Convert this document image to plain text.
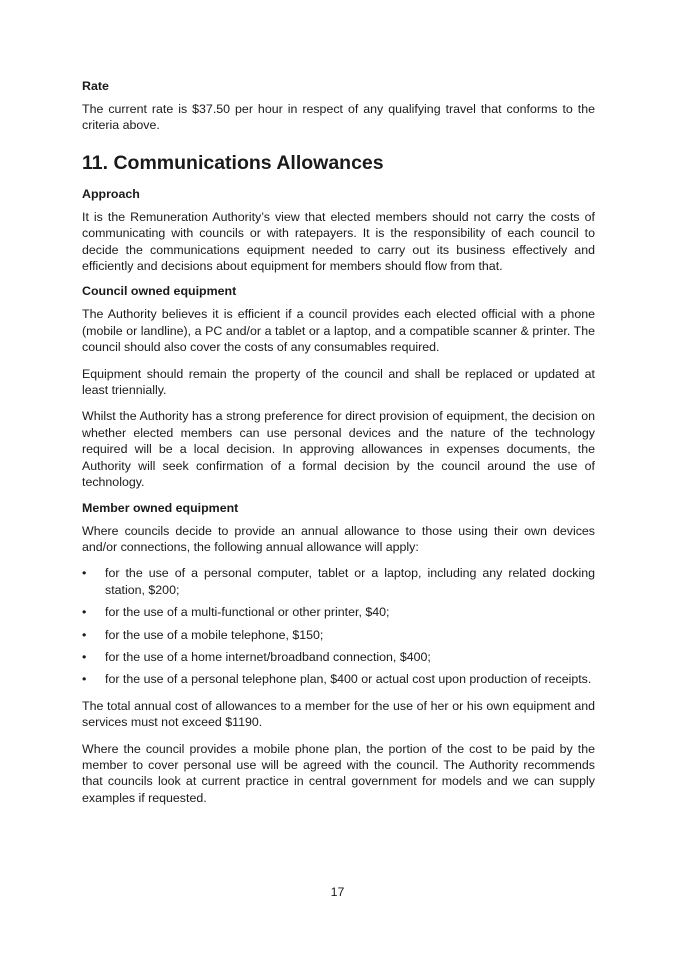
Rate

The current rate is $37.50 per hour in respect of any qualifying travel that conforms to the criteria above.

11. Communications Allowances

Approach

It is the Remuneration Authority’s view that elected members should not carry the costs of communicating with councils or with ratepayers. It is the responsibility of each council to decide the communications equipment needed to carry out its business effectively and efficiently and decisions about equipment for members should flow from that.

Council owned equipment

The Authority believes it is efficient if a council provides each elected official with a phone (mobile or landline), a PC and/or a tablet or a laptop, and a compatible scanner & printer. The council should also cover the costs of any consumables required.

Equipment should remain the property of the council and shall be replaced or updated at least triennially.

Whilst the Authority has a strong preference for direct provision of equipment, the decision on whether elected members can use personal devices and the nature of the technology required will be a local decision. In approving allowances in expenses documents, the Authority will seek confirmation of a formal decision by the council around the use of technology.

Member owned equipment

Where councils decide to provide an annual allowance to those using their own devices and/or connections, the following annual allowance will apply:

• for the use of a personal computer, tablet or a laptop, including any related docking station, $200;
• for the use of a multi-functional or other printer, $40;
• for the use of a mobile telephone, $150;
• for the use of a home internet/broadband connection, $400;
• for the use of a personal telephone plan, $400 or actual cost upon production of receipts.

The total annual cost of allowances to a member for the use of her or his own equipment and services must not exceed $1190.

Where the council provides a mobile phone plan, the portion of the cost to be paid by the member to cover personal use will be agreed with the council. The Authority recommends that councils look at current practice in central government for models and we can supply examples if requested.

17
